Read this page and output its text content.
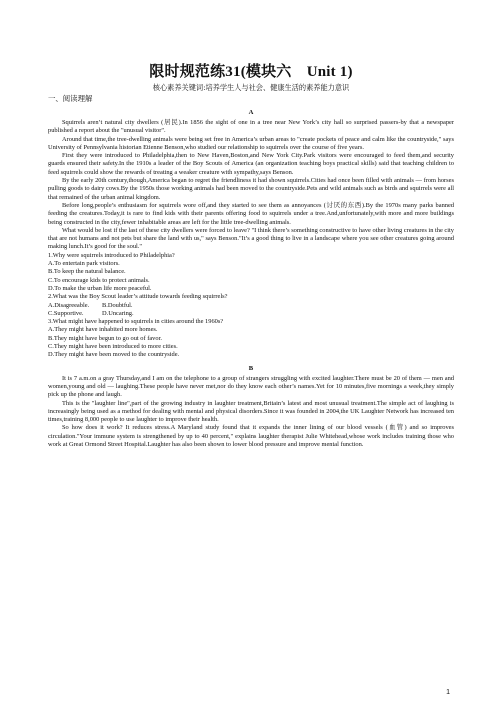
限时规范练31(模块六　Unit 1)

核心素养关键词:培养学生人与社会、健康生活的素养能力意识

一、阅读理解

A

Squirrels aren’t natural city dwellers (居民).In 1856 the sight of one in a tree near New York’s city hall so surprised passers-by that a newspaper published a report about the "unusual visitor".

Around that time,the tree-dwelling animals were being set free in America’s urban areas to "create pockets of peace and calm like the countryside," says University of Pennsylvania historian Etienne Benson,who studied our relationship to squirrels over the course of five years.

First they were introduced to Philadelphia,then to New Haven,Boston,and New York City.Park visitors were encouraged to feed them,and security guards ensured their safety.In the 1910s a leader of the Boy Scouts of America (an organization teaching boys practical skills) said that teaching children to feed squirrels could show the rewards of treating a weaker creature with sympathy,says Benson.

By the early 20th century,though,America began to regret the friendliness it had shown squirrels.Cities had once been filled with animals — from horses pulling goods to dairy cows.By the 1950s those working animals had been moved to the countryside.Pets and wild animals such as birds and squirrels were all that remained of the urban animal kingdom.

Before long,people’s enthusiasm for squirrels wore off,and they started to see them as annoyances (讨厌的东西).By the 1970s many parks banned feeding the creatures.Today,it is rare to find kids with their parents offering food to squirrels under a tree.And,unfortunately,with more and more buildings being constructed in the city,fewer inhabitable areas are left for the little tree-dwelling animals.

What would be lost if the last of these city dwellers were forced to leave? "I think there’s something constructive to have other living creatures in the city that are not humans and not pets but share the land with us," says Benson."It’s a good thing to live in a landscape where you see other creatures going around making lunch.It’s good for the soul."

1.Why were squirrels introduced to Philadelphia?

A.To entertain park visitors.

B.To keep the natural balance.

C.To encourage kids to protect animals.

D.To make the urban life more peaceful.

2.What was the Boy Scout leader’s attitude towards feeding squirrels?

A.Disagreeable.	B.Doubtful.
C.Supportive.	D.Uncaring.

3.What might have happened to squirrels in cities around the 1960s?

A.They might have inhabited more homes.

B.They might have begun to go out of favor.

C.They might have been introduced to more cities.

D.They might have been moved to the countryside.

B

It is 7 a.m.on a gray Thursday,and I am on the telephone to a group of strangers struggling with excited laughter.There must be 20 of them — men and women,young and old — laughing.These people have never met,nor do they know each other’s names.Yet for 10 minutes,five mornings a week,they simply pick up the phone and laugh.

This is the "laughter line",part of the growing industry in laughter treatment,Britain’s latest and most unusual treatment.The simple act of laughing is increasingly being used as a method for dealing with mental and physical disorders.Since it was founded in 2004,the UK Laughter Network has increased ten times,training 8,000 people to use laughter to improve their health.

So how does it work? It reduces stress.A Maryland study found that it expands the inner lining of our blood vessels (血管) and so improves circulation."Your immune system is strengthened by up to 40 percent," explains laughter therapist Julie Whitehead,whose work includes training those who work at Great Ormond Street Hospital.Laughter has also been shown to lower blood pressure and improve mental function.

1
